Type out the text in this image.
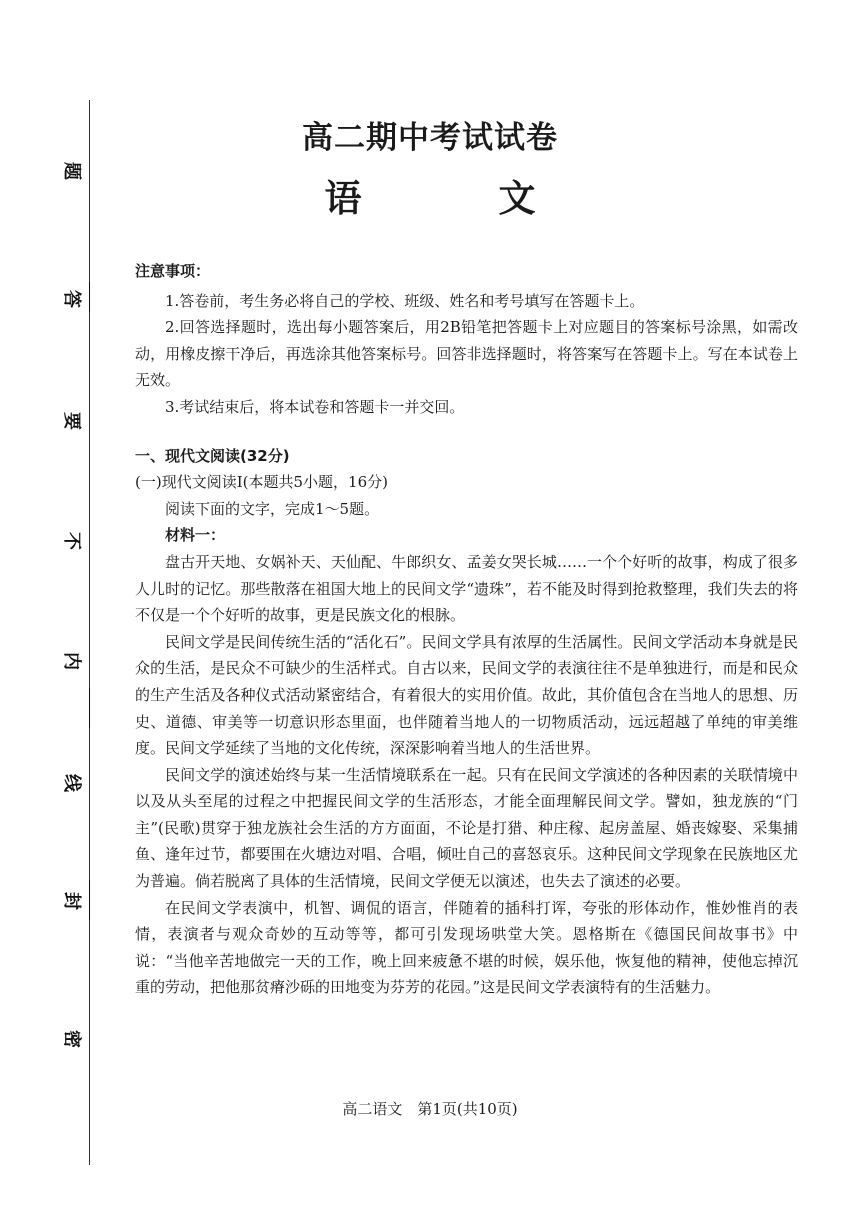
题
答
要
不
内
线
封
密
高二期中考试试卷
语　文

注意事项：

1.答卷前，考生务必将自己的学校、班级、姓名和考号填写在答题卡上。

2.回答选择题时，选出每小题答案后，用2B铅笔把答题卡上对应题目的答案标号涂黑，如需改动，用橡皮擦干净后，再选涂其他答案标号。回答非选择题时，将答案写在答题卡上。写在本试卷上无效。

3.考试结束后，将本试卷和答题卡一并交回。

一、现代文阅读(32分)

(一)现代文阅读Ⅰ(本题共5小题，16分)

阅读下面的文字，完成1～5题。

材料一：

盘古开天地、女娲补天、天仙配、牛郎织女、孟姜女哭长城……一个个好听的故事，构成了很多人儿时的记忆。那些散落在祖国大地上的民间文学“遗珠”，若不能及时得到抢救整理，我们失去的将不仅是一个个好听的故事，更是民族文化的根脉。

民间文学是民间传统生活的“活化石”。民间文学具有浓厚的生活属性。民间文学活动本身就是民众的生活，是民众不可缺少的生活样式。自古以来，民间文学的表演往往不是单独进行，而是和民众的生产生活及各种仪式活动紧密结合，有着很大的实用价值。故此，其价值包含在当地人的思想、历史、道德、审美等一切意识形态里面，也伴随着当地人的一切物质活动，远远超越了单纯的审美维度。民间文学延续了当地的文化传统，深深影响着当地人的生活世界。

民间文学的演述始终与某一生活情境联系在一起。只有在民间文学演述的各种因素的关联情境中以及从头至尾的过程之中把握民间文学的生活形态，才能全面理解民间文学。譬如，独龙族的“门主”(民歌)贯穿于独龙族社会生活的方方面面，不论是打猎、种庄稼、起房盖屋、婚丧嫁娶、采集捕鱼、逢年过节，都要围在火塘边对唱、合唱，倾吐自己的喜怒哀乐。这种民间文学现象在民族地区尤为普遍。倘若脱离了具体的生活情境，民间文学便无以演述，也失去了演述的必要。

在民间文学表演中，机智、调侃的语言，伴随着的插科打诨，夸张的形体动作，惟妙惟肖的表情，表演者与观众奇妙的互动等等，都可引发现场哄堂大笑。恩格斯在《德国民间故事书》中说：“当他辛苦地做完一天的工作，晚上回来疲惫不堪的时候，娱乐他，恢复他的精神，使他忘掉沉重的劳动，把他那贫瘠沙砾的田地变为芬芳的花园。”这是民间文学表演特有的生活魅力。

高二语文　第1页(共10页)
